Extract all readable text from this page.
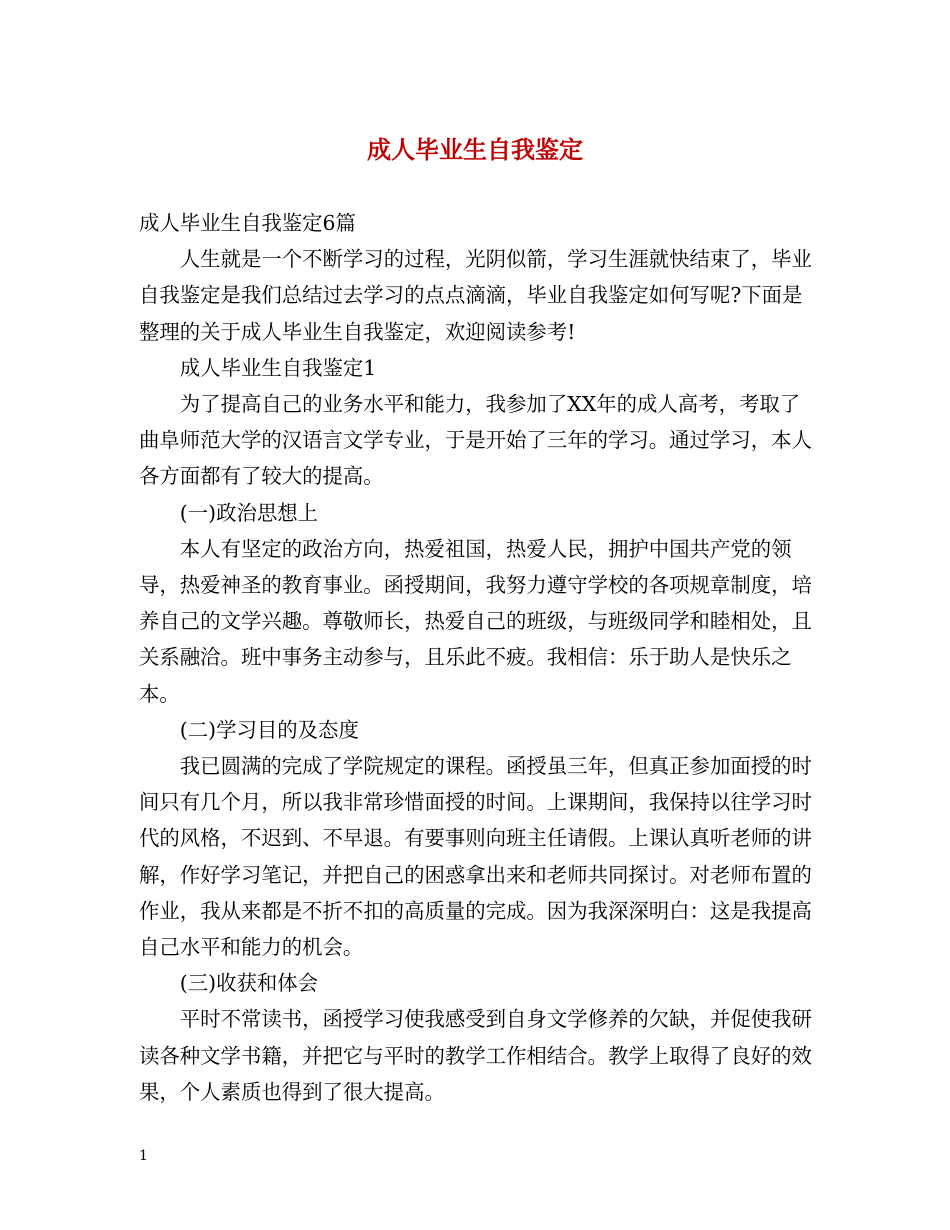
成人毕业生自我鉴定

成人毕业生自我鉴定6篇

人生就是一个不断学习的过程，光阴似箭，学习生涯就快结束了，毕业自我鉴定是我们总结过去学习的点点滴滴，毕业自我鉴定如何写呢?下面是整理的关于成人毕业生自我鉴定，欢迎阅读参考!

成人毕业生自我鉴定1

为了提高自己的业务水平和能力，我参加了XX年的成人高考，考取了曲阜师范大学的汉语言文学专业，于是开始了三年的学习。通过学习，本人各方面都有了较大的提高。

(一)政治思想上

本人有坚定的政治方向，热爱祖国，热爱人民，拥护中国共产党的领导，热爱神圣的教育事业。函授期间，我努力遵守学校的各项规章制度，培养自己的文学兴趣。尊敬师长，热爱自己的班级，与班级同学和睦相处，且关系融洽。班中事务主动参与，且乐此不疲。我相信：乐于助人是快乐之本。

(二)学习目的及态度

我已圆满的完成了学院规定的课程。函授虽三年，但真正参加面授的时间只有几个月，所以我非常珍惜面授的时间。上课期间，我保持以往学习时代的风格，不迟到、不早退。有要事则向班主任请假。上课认真听老师的讲解，作好学习笔记，并把自己的困惑拿出来和老师共同探讨。对老师布置的作业，我从来都是不折不扣的高质量的完成。因为我深深明白：这是我提高自己水平和能力的机会。

(三)收获和体会

平时不常读书，函授学习使我感受到自身文学修养的欠缺，并促使我研读各种文学书籍，并把它与平时的教学工作相结合。教学上取得了良好的效果，个人素质也得到了很大提高。

1
